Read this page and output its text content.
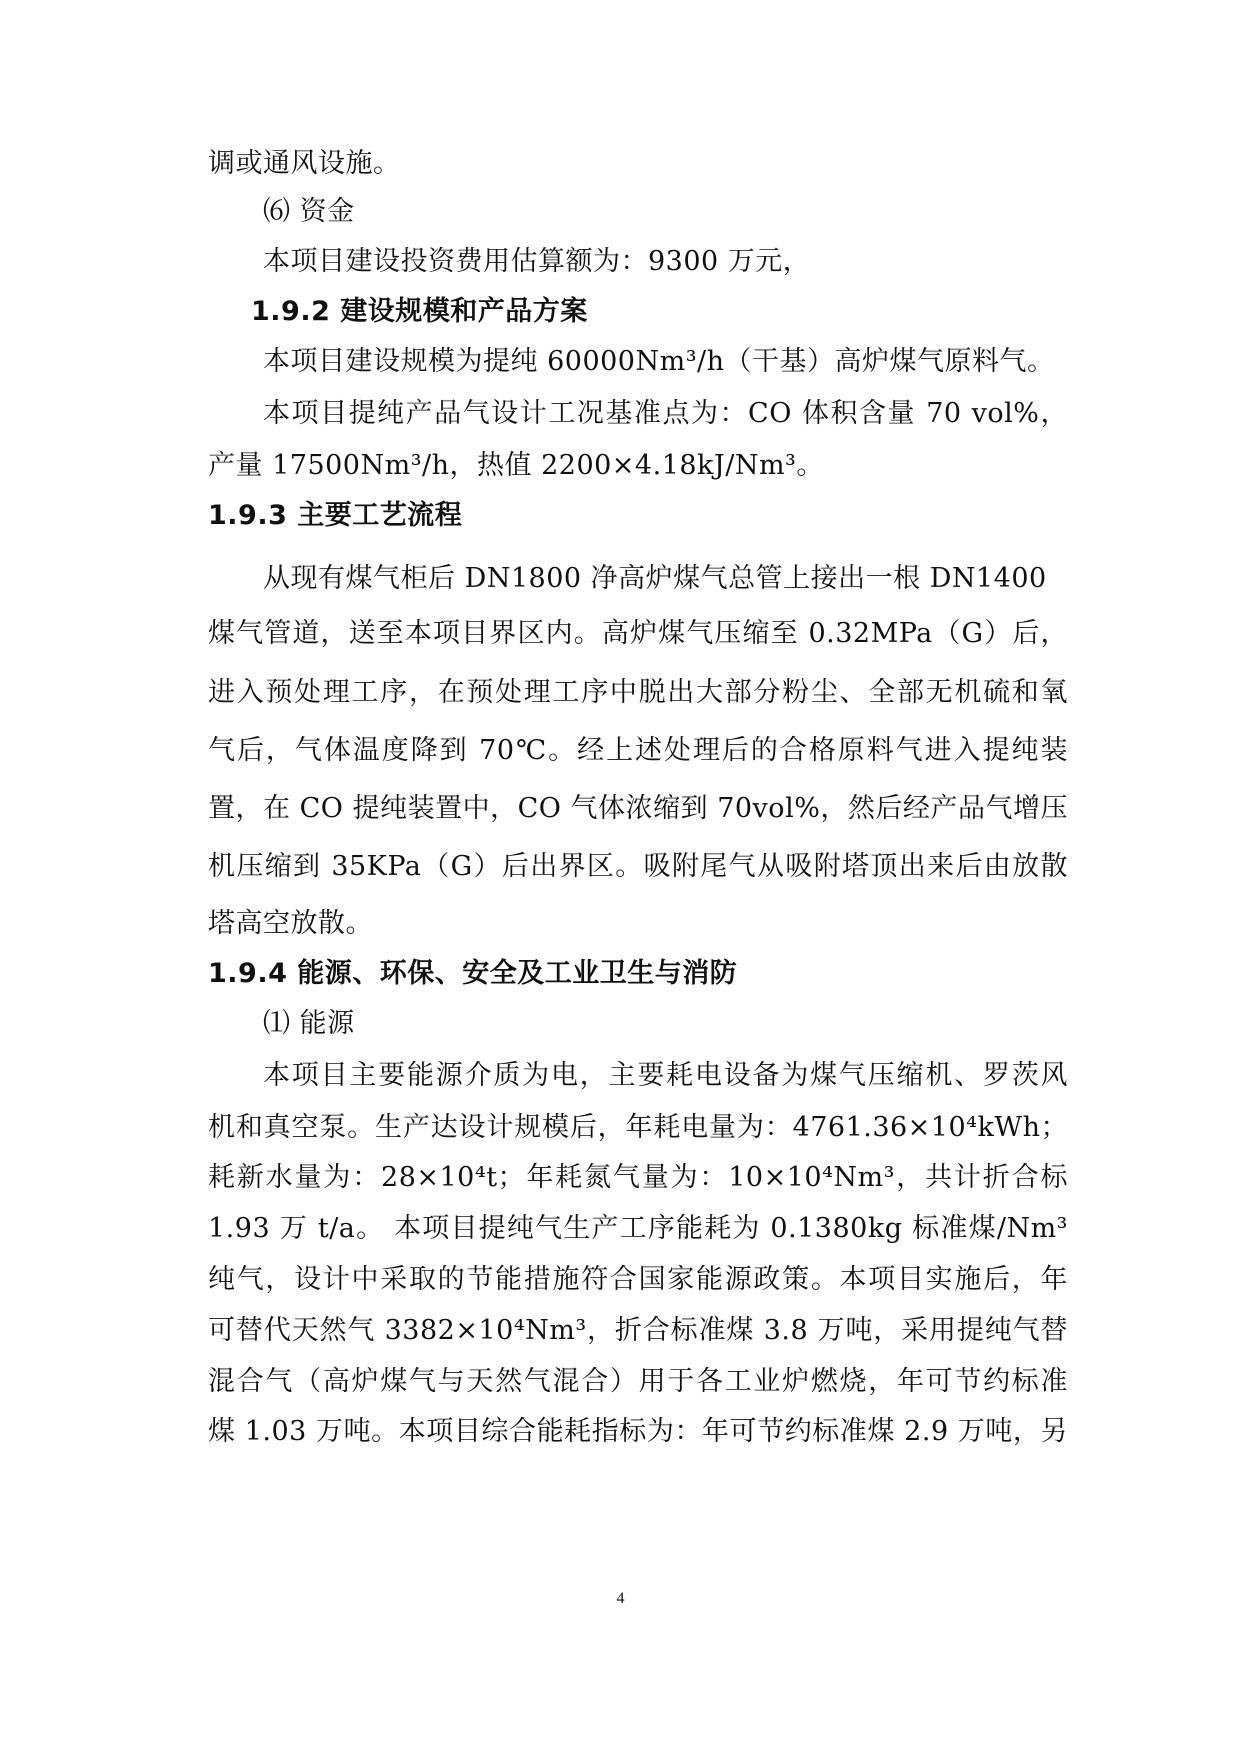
调或通风设施。
⑹ 资金
本项目建设投资费用估算额为：9300 万元，
1.9.2 建设规模和产品方案
本项目建设规模为提纯 60000Nm³/h（干基）高炉煤气原料气。
本项目提纯产品气设计工况基准点为：CO 体积含量 70 vol%，
产量 17500Nm³/h，热值 2200×4.18kJ/Nm³。
1.9.3 主要工艺流程
从现有煤气柜后 DN1800 净高炉煤气总管上接出一根 DN1400
煤气管道，送至本项目界区内。高炉煤气压缩至 0.32MPa（G）后，
进入预处理工序，在预处理工序中脱出大部分粉尘、全部无机硫和氧
气后，气体温度降到 70℃。经上述处理后的合格原料气进入提纯装
置，在 CO 提纯装置中，CO 气体浓缩到 70vol%，然后经产品气增压
机压缩到 35KPa（G）后出界区。吸附尾气从吸附塔顶出来后由放散
塔高空放散。
1.9.4 能源、环保、安全及工业卫生与消防
⑴ 能源
本项目主要能源介质为电，主要耗电设备为煤气压缩机、罗茨风
机和真空泵。生产达设计规模后，年耗电量为：4761.36×10⁴kWh；
耗新水量为：28×10⁴t；年耗氮气量为：10×10⁴Nm³，共计折合标
1.93 万 t/a。 本项目提纯气生产工序能耗为 0.1380kg 标准煤/Nm³
纯气，设计中采取的节能措施符合国家能源政策。本项目实施后，年
可替代天然气 3382×10⁴Nm³，折合标准煤 3.8 万吨，采用提纯气替
混合气（高炉煤气与天然气混合）用于各工业炉燃烧，年可节约标准
煤 1.03 万吨。本项目综合能耗指标为：年可节约标准煤 2.9 万吨，另
4
